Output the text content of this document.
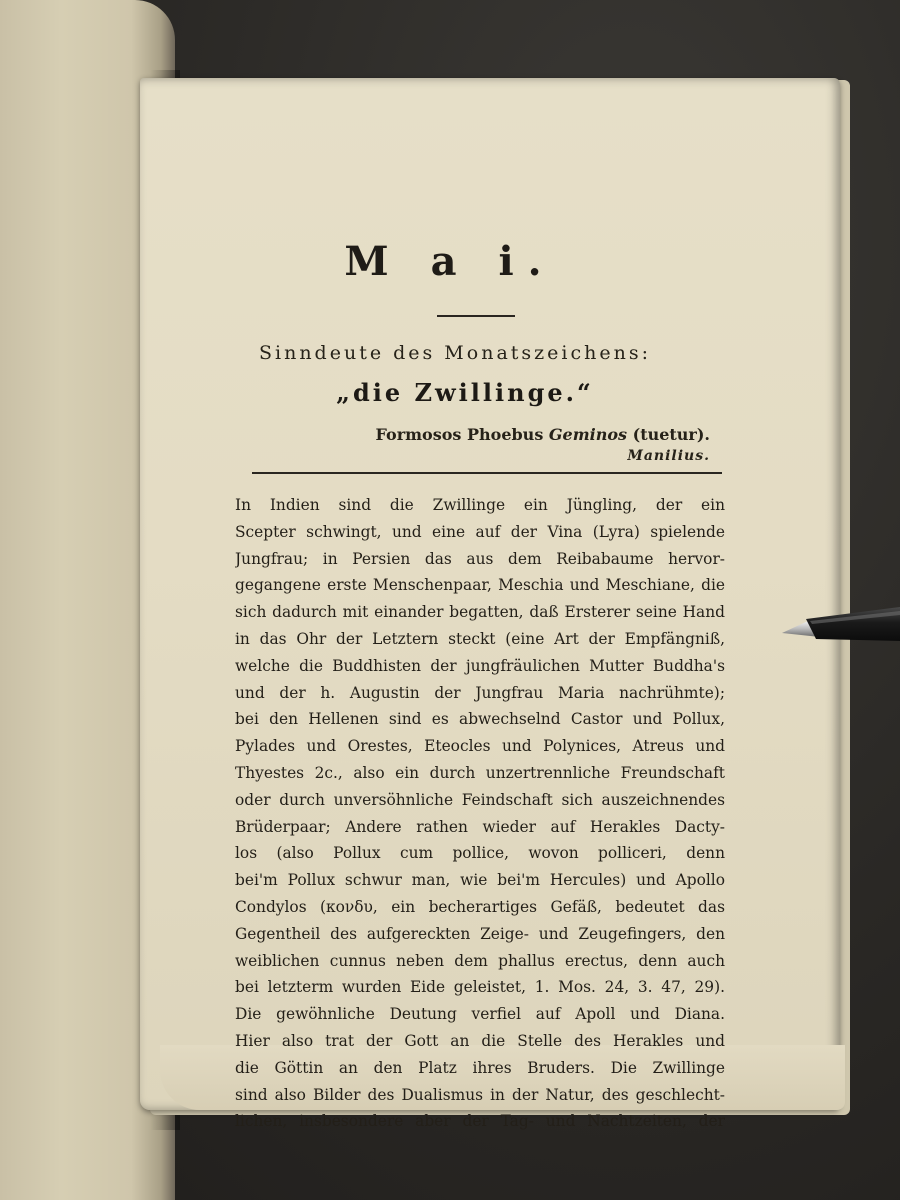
M a i.
Sinndeute des Monatszeichens:
„die Zwillinge.“
Formosos Phoebus Geminos (tuetur).
Manilius.
In Indien sind die Zwillinge ein Jüngling, der ein
Scepter schwingt, und eine auf der Vina (Lyra) spielende
Jungfrau; in Persien das aus dem Reibabaume hervor-
gegangene erste Menschenpaar, Meschia und Meschiane, die
sich dadurch mit einander begatten, daß Ersterer seine Hand
in das Ohr der Letztern steckt (eine Art der Empfängniß,
welche die Buddhisten der jungfräulichen Mutter Buddha's
und der h. Augustin der Jungfrau Maria nachrühmte);
bei den Hellenen sind es abwechselnd Castor und Pollux,
Pylades und Orestes, Eteocles und Polynices, Atreus und
Thyestes 2c., also ein durch unzertrennliche Freundschaft
oder durch unversöhnliche Feindschaft sich auszeichnendes
Brüderpaar; Andere rathen wieder auf Herakles Dacty-
los (also Pollux cum pollice, wovon polliceri, denn
bei'm Pollux schwur man, wie bei'm Hercules) und Apollo
Condylos (κονδυ, ein becherartiges Gefäß, bedeutet das
Gegentheil des aufgereckten Zeige- und Zeugefingers, den
weiblichen cunnus neben dem phallus erectus, denn auch
bei letzterm wurden Eide geleistet, 1. Mos. 24, 3. 47, 29).
Die gewöhnliche Deutung verfiel auf Apoll und Diana.
Hier also trat der Gott an die Stelle des Herakles und
die Göttin an den Platz ihres Bruders. Die Zwillinge
sind also Bilder des Dualismus in der Natur, des geschlecht-
lichen, insbesondere aber der Tag- und Nachtzeiten, der
